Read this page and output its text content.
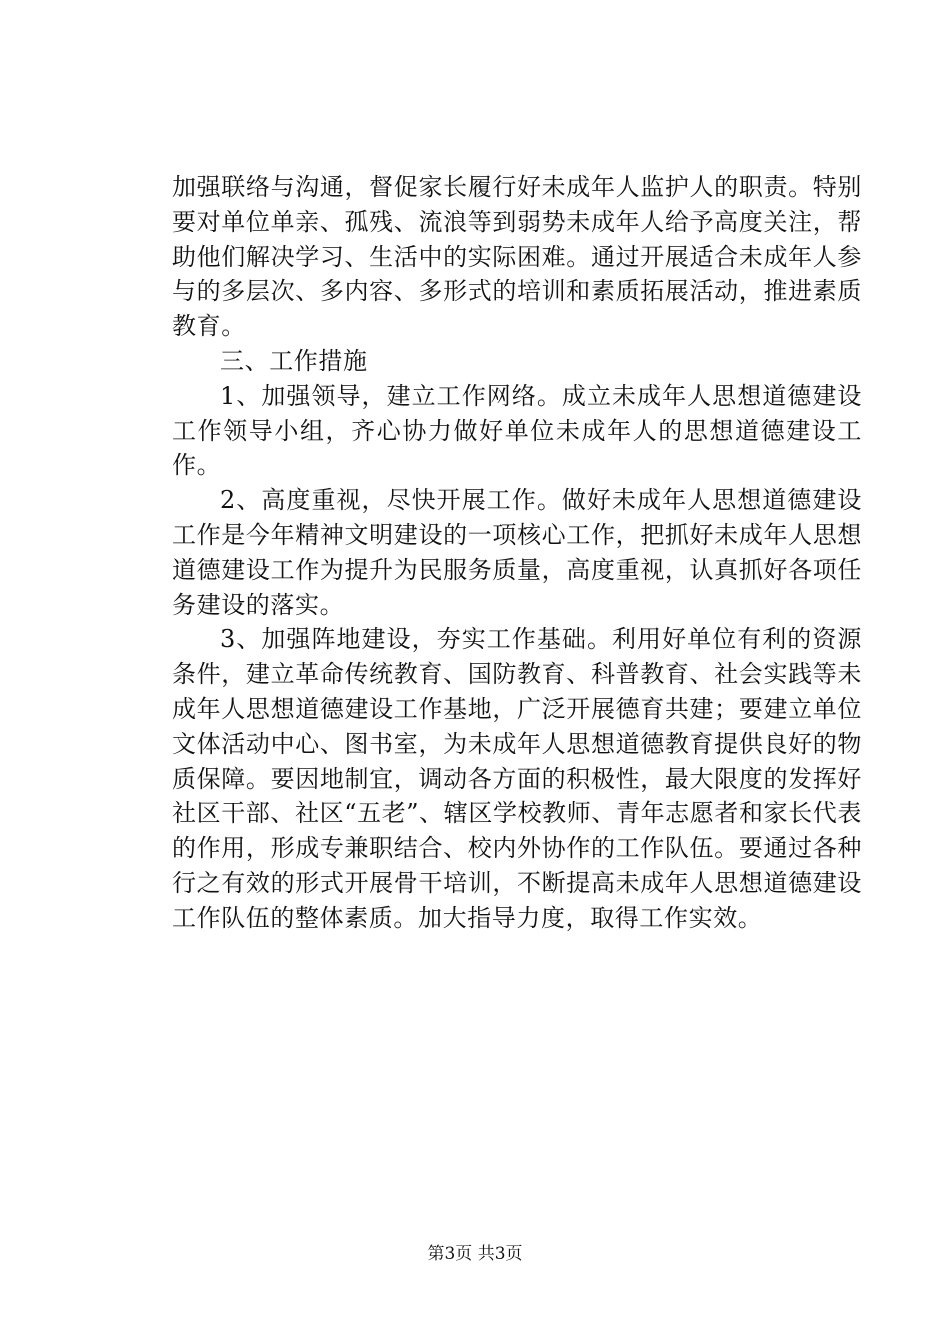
加强联络与沟通，督促家长履行好未成年人监护人的职责。特别要对单位单亲、孤残、流浪等到弱势未成年人给予高度关注，帮助他们解决学习、生活中的实际困难。通过开展适合未成年人参与的多层次、多内容、多形式的培训和素质拓展活动，推进素质教育。

三、工作措施

1、加强领导，建立工作网络。成立未成年人思想道德建设工作领导小组，齐心协力做好单位未成年人的思想道德建设工作。

2、高度重视，尽快开展工作。做好未成年人思想道德建设工作是今年精神文明建设的一项核心工作，把抓好未成年人思想道德建设工作为提升为民服务质量，高度重视，认真抓好各项任务建设的落实。

3、加强阵地建设，夯实工作基础。利用好单位有利的资源条件，建立革命传统教育、国防教育、科普教育、社会实践等未成年人思想道德建设工作基地，广泛开展德育共建；要建立单位文体活动中心、图书室，为未成年人思想道德教育提供良好的物质保障。要因地制宜，调动各方面的积极性，最大限度的发挥好社区干部、社区“五老”、辖区学校教师、青年志愿者和家长代表的作用，形成专兼职结合、校内外协作的工作队伍。要通过各种行之有效的形式开展骨干培训，不断提高未成年人思想道德建设工作队伍的整体素质。加大指导力度，取得工作实效。

第3页 共3页
